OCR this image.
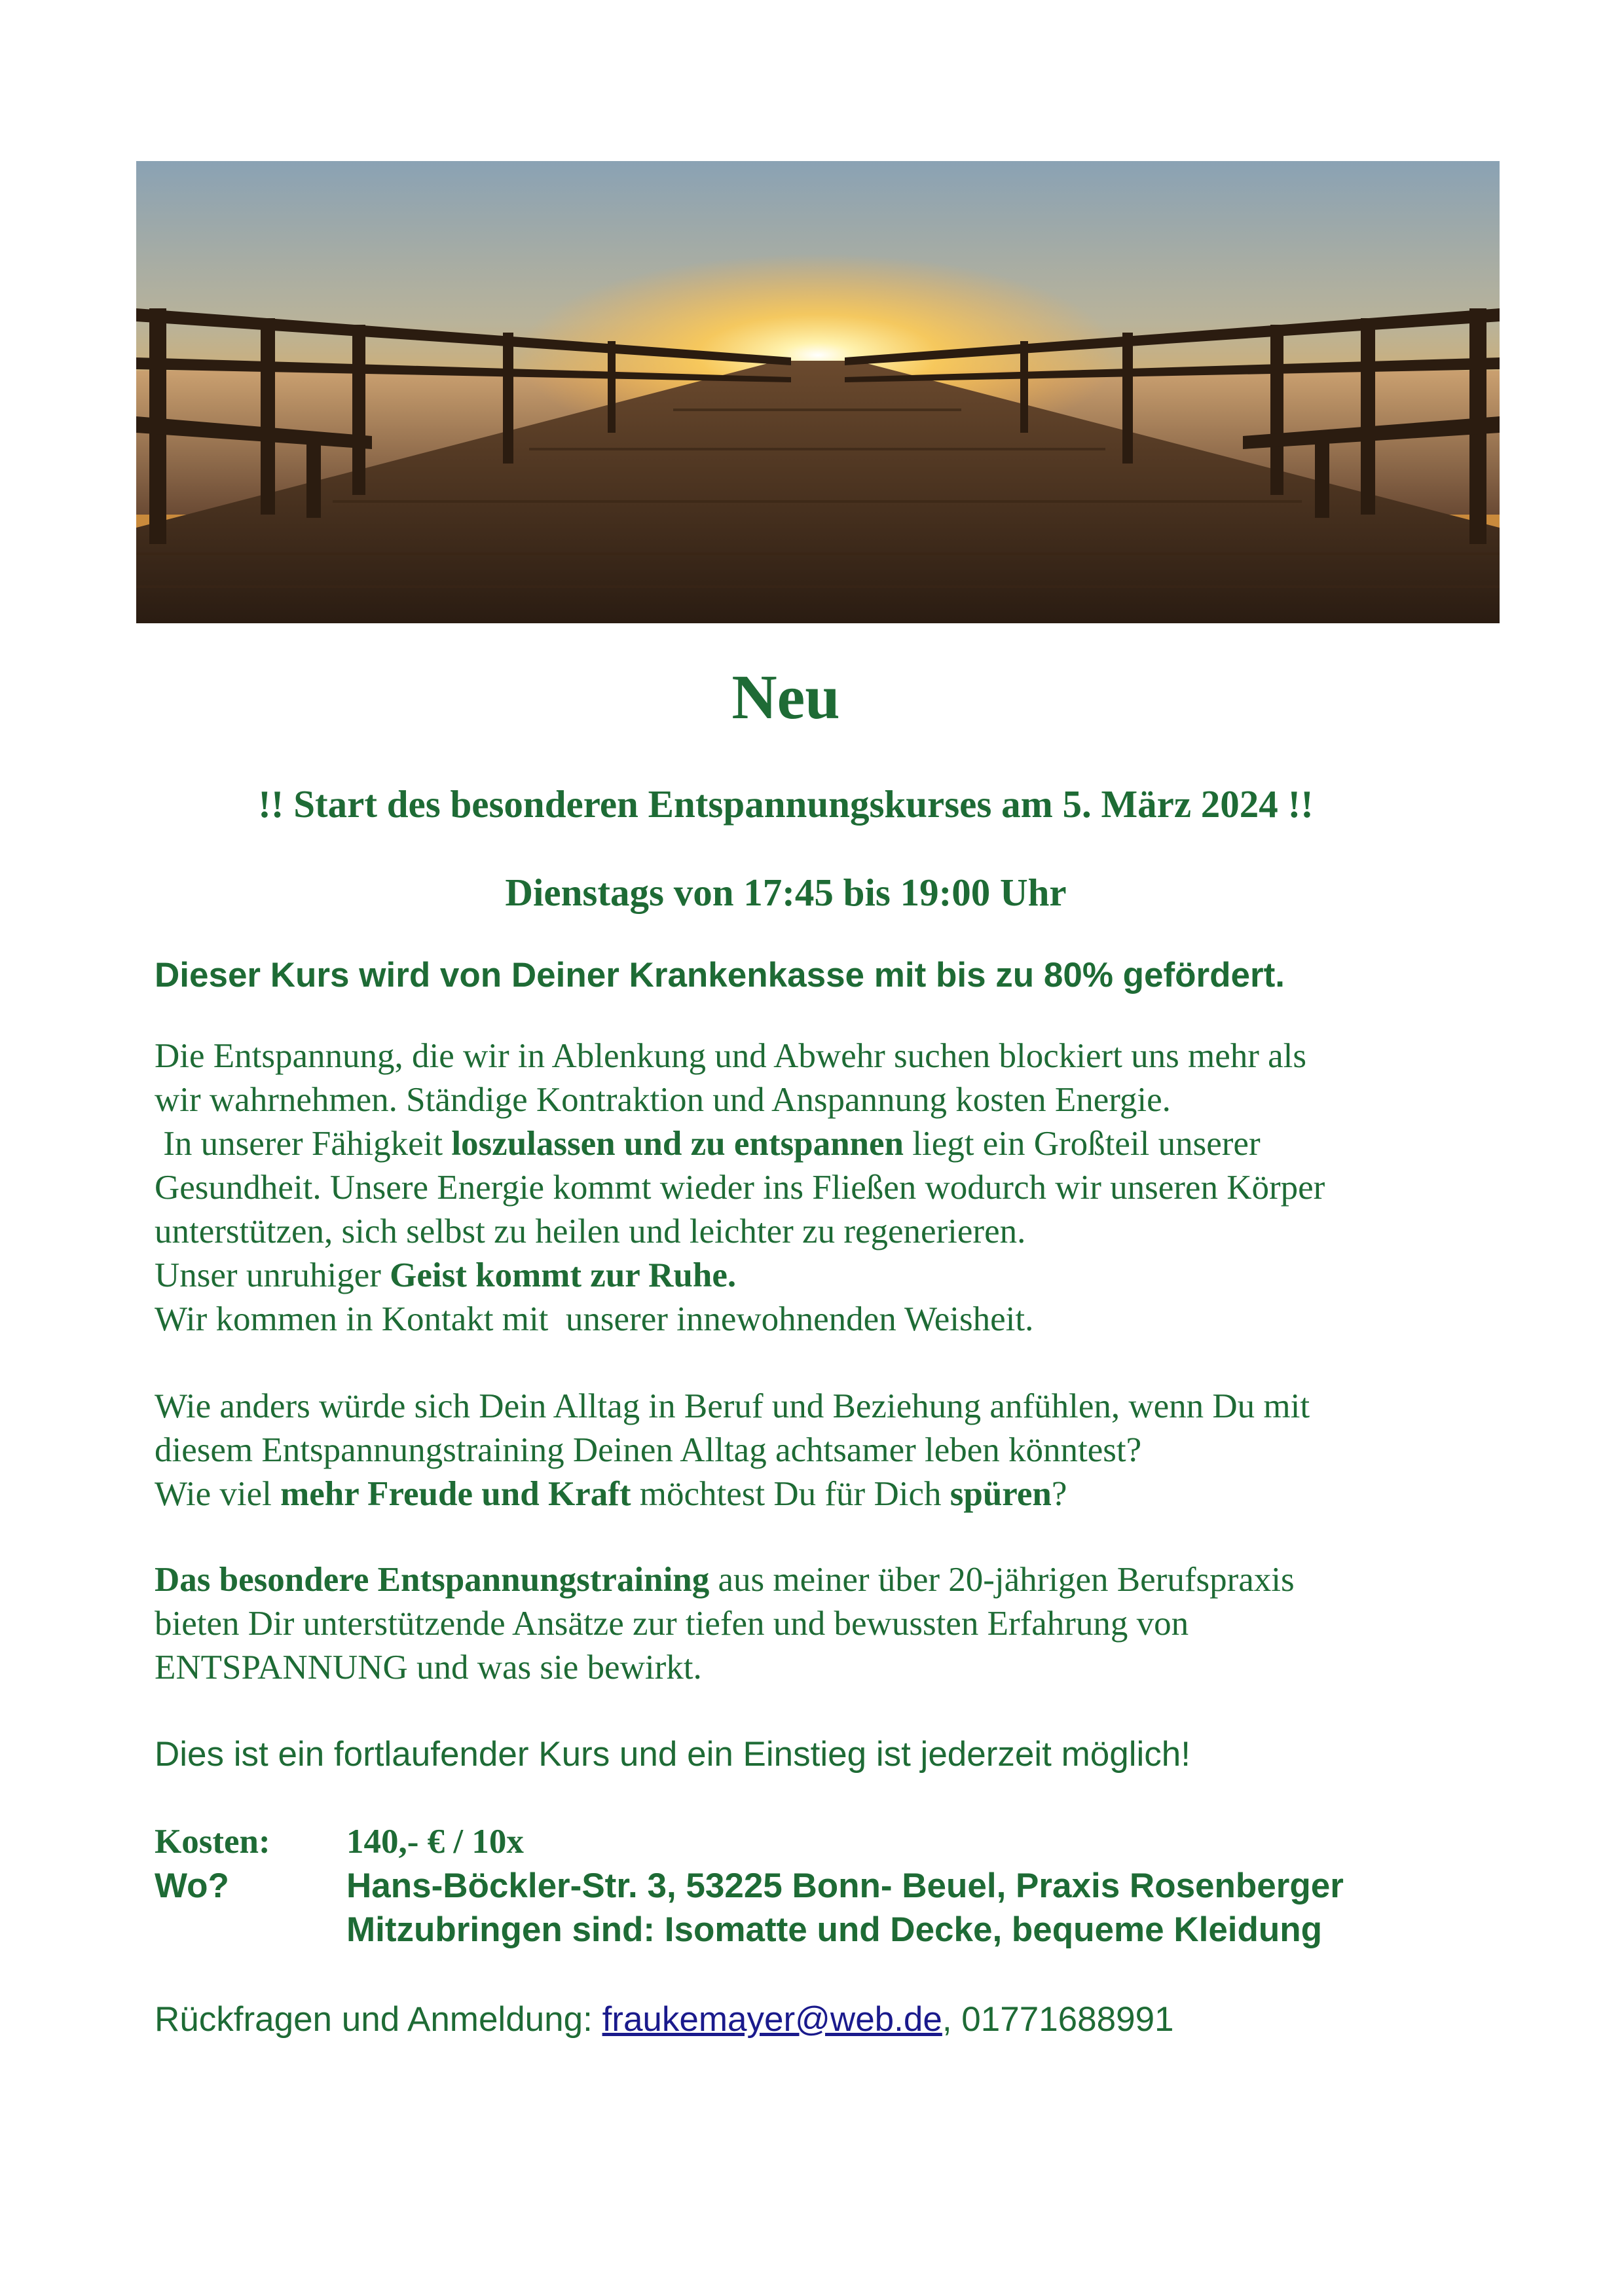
Neu
!! Start des besonderen Entspannungskurses am 5. März 2024 !!
Dienstags von 17:45 bis 19:00 Uhr
Dieser Kurs wird von Deiner Krankenkasse mit bis zu 80% gefördert.
Die Entspannung, die wir in Ablenkung und Abwehr suchen blockiert uns mehr als
wir wahrnehmen. Ständige Kontraktion und Anspannung kosten Energie.
In unserer Fähigkeit loszulassen und zu entspannen liegt ein Großteil unserer
Gesundheit. Unsere Energie kommt wieder ins Fließen wodurch wir unseren Körper
unterstützen, sich selbst zu heilen und leichter zu regenerieren.
Unser unruhiger Geist kommt zur Ruhe.
Wir kommen in Kontakt mit  unserer innewohnenden Weisheit.
Wie anders würde sich Dein Alltag in Beruf und Beziehung anfühlen, wenn Du mit
diesem Entspannungstraining Deinen Alltag achtsamer leben könntest?
Wie viel mehr Freude und Kraft möchtest Du für Dich spüren?
Das besondere Entspannungstraining aus meiner über 20-jährigen Berufspraxis
bieten Dir unterstützende Ansätze zur tiefen und bewussten Erfahrung von
ENTSPANNUNG und was sie bewirkt.
Dies ist ein fortlaufender Kurs und ein Einstieg ist jederzeit möglich!
Kosten: 140,- € / 10x
Wo?	Hans-Böckler-Str. 3, 53225 Bonn- Beuel, Praxis Rosenberger
Mitzubringen sind: Isomatte und Decke, bequeme Kleidung
Rückfragen und Anmeldung: fraukemayer@web.de, 01771688991
